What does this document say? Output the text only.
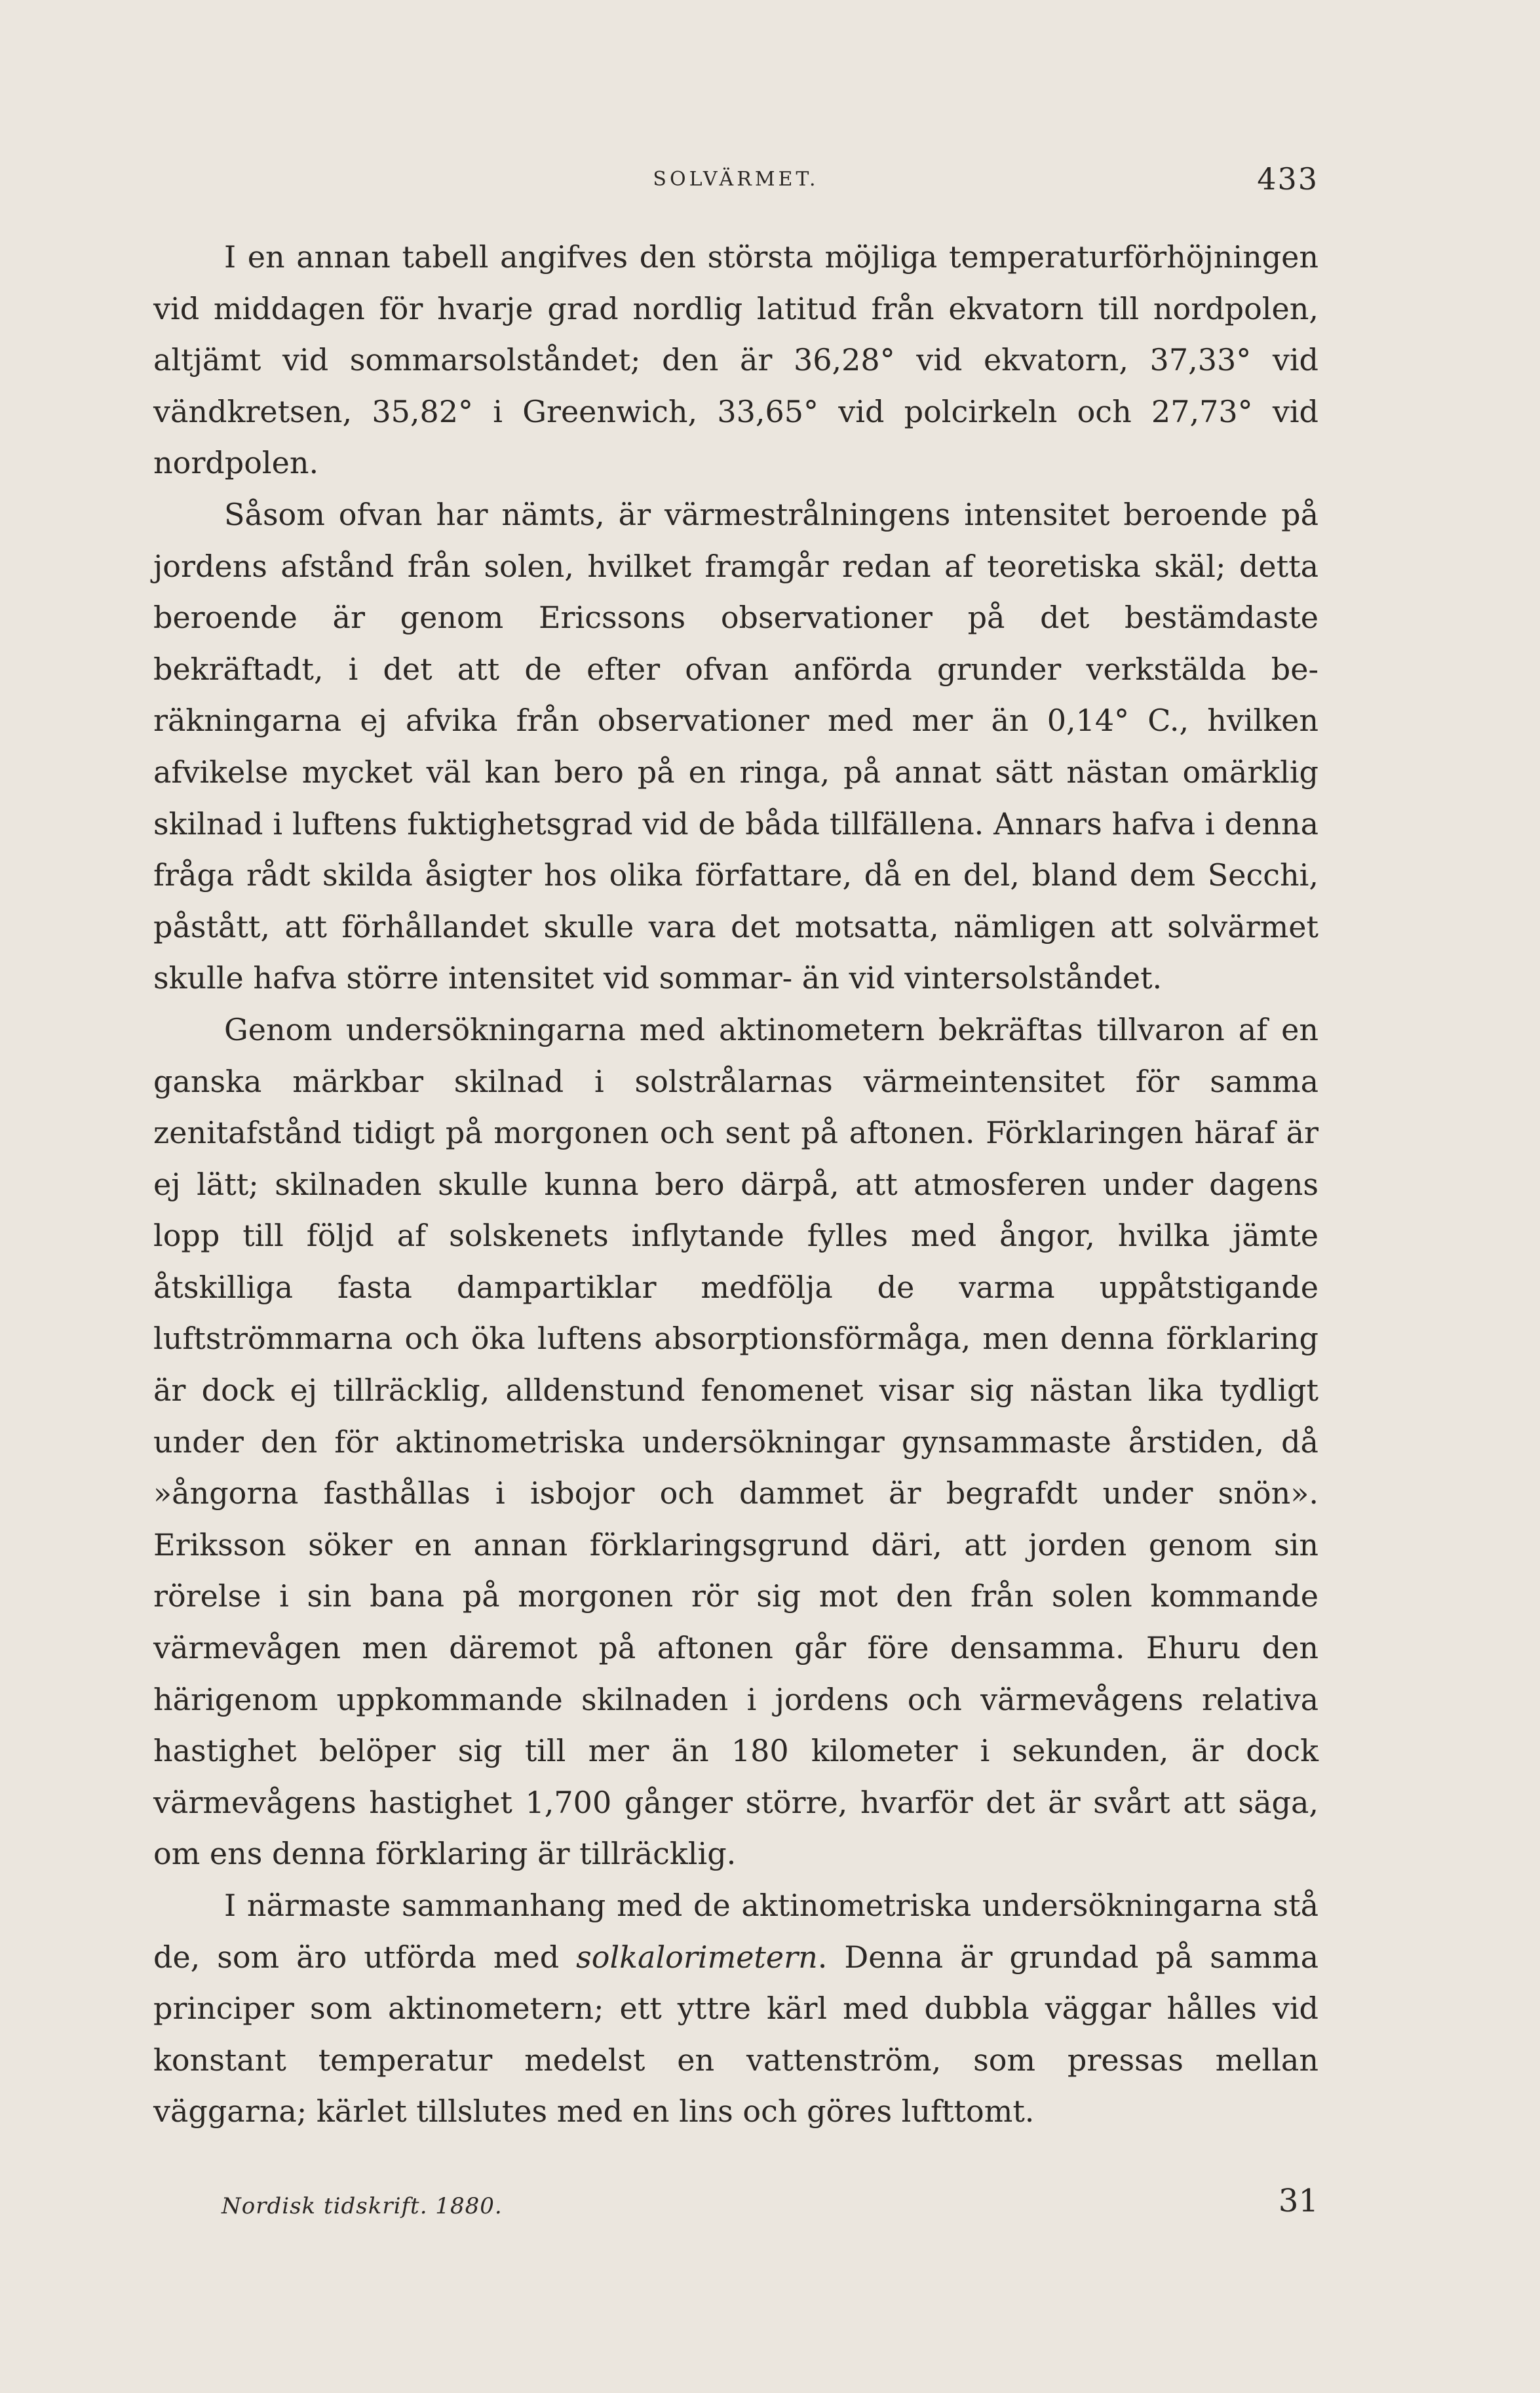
SOLVÄRMET.	433

I en annan tabell angifves den största möjliga temperaturförhöjningen vid middagen för hvarje grad nordlig latitud från ekvatorn till nordpolen, altjämt vid sommarsolståndet; den är 36,28° vid ekvatorn, 37,33° vid vändkretsen, 35,82° i Greenwich, 33,65° vid polcirkeln och 27,73° vid nordpolen.

Såsom ofvan har nämts, är värmestrålningens intensitet beroende på jordens afstånd från solen, hvilket framgår redan af teoretiska skäl; detta beroende är genom Ericssons observationer på det bestämdaste bekräftadt, i det att de efter ofvan anförda grunder verkstälda beräkningarna ej afvika från observationer med mer än 0,14° C., hvilken afvikelse mycket väl kan bero på en ringa, på annat sätt nästan omärklig skilnad i luftens fuktighetsgrad vid de båda tillfällena. Annars hafva i denna fråga rådt skilda åsigter hos olika författare, då en del, bland dem Secchi, påstått, att förhållandet skulle vara det motsatta, nämligen att solvärmet skulle hafva större intensitet vid sommar- än vid vintersolståndet.

Genom undersökningarna med aktinometern bekräftas tillvaron af en ganska märkbar skilnad i solstrålarnas värmeintensitet för samma zenitafstånd tidigt på morgonen och sent på aftonen. Förklaringen häraf är ej lätt; skilnaden skulle kunna bero därpå, att atmosferen under dagens lopp till följd af solskenets inflytande fylles med ångor, hvilka jämte åtskilliga fasta dampartiklar medfölja de varma uppåtstigande luftströmmarna och öka luftens absorptionsförmåga, men denna förklaring är dock ej tillräcklig, alldenstund fenomenet visar sig nästan lika tydligt under den för aktinometriska undersökningar gynsammaste årstiden, då »ångorna fasthållas i isbojor och dammet är begrafdt under snön». Eriksson söker en annan förklaringsgrund däri, att jorden genom sin rörelse i sin bana på morgonen rör sig mot den från solen kommande värmevågen men däremot på aftonen går före densamma. Ehuru den härigenom uppkommande skilnaden i jordens och värmevågens relativa hastighet belöper sig till mer än 180 kilometer i sekunden, är dock värmevågens hastighet 1,700 gånger större, hvarför det är svårt att säga, om ens denna förklaring är tillräcklig.

I närmaste sammanhang med de aktinometriska undersökningarna stå de, som äro utförda med solkalorimetern. Denna är grundad på samma principer som aktinometern; ett yttre kärl med dubbla väggar hålles vid konstant temperatur medelst en vattenström, som pressas mellan väggarna; kärlet tillslutes med en lins och göres lufttomt.

Nordisk tidskrift. 1880.	31
